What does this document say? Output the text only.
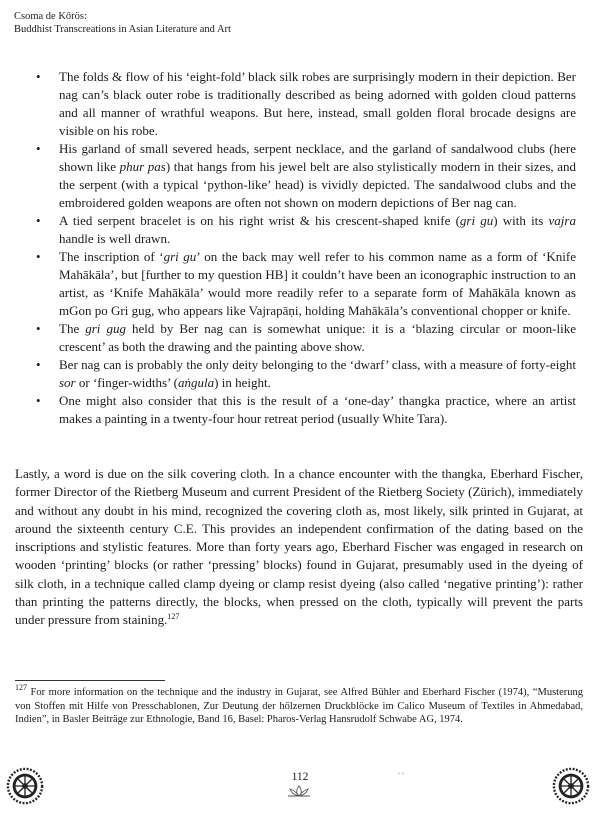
Csoma de Kőrös:
Buddhist Transcreations in Asian Literature and Art
• The folds & flow of his ‘eight-fold’ black silk robes are surprisingly modern in their depiction. Ber nag can’s black outer robe is traditionally described as being adorned with golden cloud patterns and all manner of wrathful weapons. But here, instead, small golden floral brocade designs are visible on his robe.
• His garland of small severed heads, serpent necklace, and the garland of sandalwood clubs (here shown like phur pas) that hangs from his jewel belt are also stylistically modern in their sizes, and the serpent (with a typical ‘python-like’ head) is vividly depicted. The sandalwood clubs and the embroidered golden weapons are often not shown on modern depictions of Ber nag can.
• A tied serpent bracelet is on his right wrist & his crescent-shaped knife (gri gu) with its vajra handle is well drawn.
• The inscription of ‘gri gu’ on the back may well refer to his common name as a form of ‘Knife Mahākāla’, but [further to my question HB] it couldn’t have been an iconographic instruction to an artist, as ‘Knife Mahākāla’ would more readily refer to a separate form of Mahākāla known as mGon po Gri gug, who appears like Vajrapāṇi, holding Mahākāla’s conventional chopper or knife.
• The gri gug held by Ber nag can is somewhat unique: it is a ‘blazing circular or moon-like crescent’ as both the drawing and the painting above show.
• Ber nag can is probably the only deity belonging to the ‘dwarf’ class, with a measure of forty-eight sor or ‘finger-widths’ (aṅgula) in height.
• One might also consider that this is the result of a ‘one-day’ thangka practice, where an artist makes a painting in a twenty-four hour retreat period (usually White Tara).

Lastly, a word is due on the silk covering cloth. In a chance encounter with the thangka, Eberhard Fischer, former Director of the Rietberg Museum and current President of the Rietberg Society (Zürich), immediately and without any doubt in his mind, recognized the covering cloth as, most likely, silk printed in Gujarat, at around the sixteenth century C.E. This provides an independent confirmation of the dating based on the inscriptions and stylistic features. More than forty years ago, Eberhard Fischer was engaged in research on wooden ‘printing’ blocks (or rather ‘pressing’ blocks) found in Gujarat, presumably used in the dyeing of silk cloth, in a technique called clamp dyeing or clamp resist dyeing (also called ‘negative printing’): rather than printing the patterns directly, the blocks, when pressed on the cloth, typically will prevent the parts under pressure from staining.$^{127}$

$^{127}$ For more information on the technique and the industry in Gujarat, see Alfred Bühler and Eberhard Fischer (1974), “Musterung von Stoffen mit Hilfe von Presschablonen, Zur Deutung der hölzernen Druckblöcke im Calico Museum of Textiles in Ahmedabad, Indien”, in Basler Beiträge zur Ethnologie, Band 16, Basel: Pharos-Verlag Hansrudolf Schwabe AG, 1974.

112
